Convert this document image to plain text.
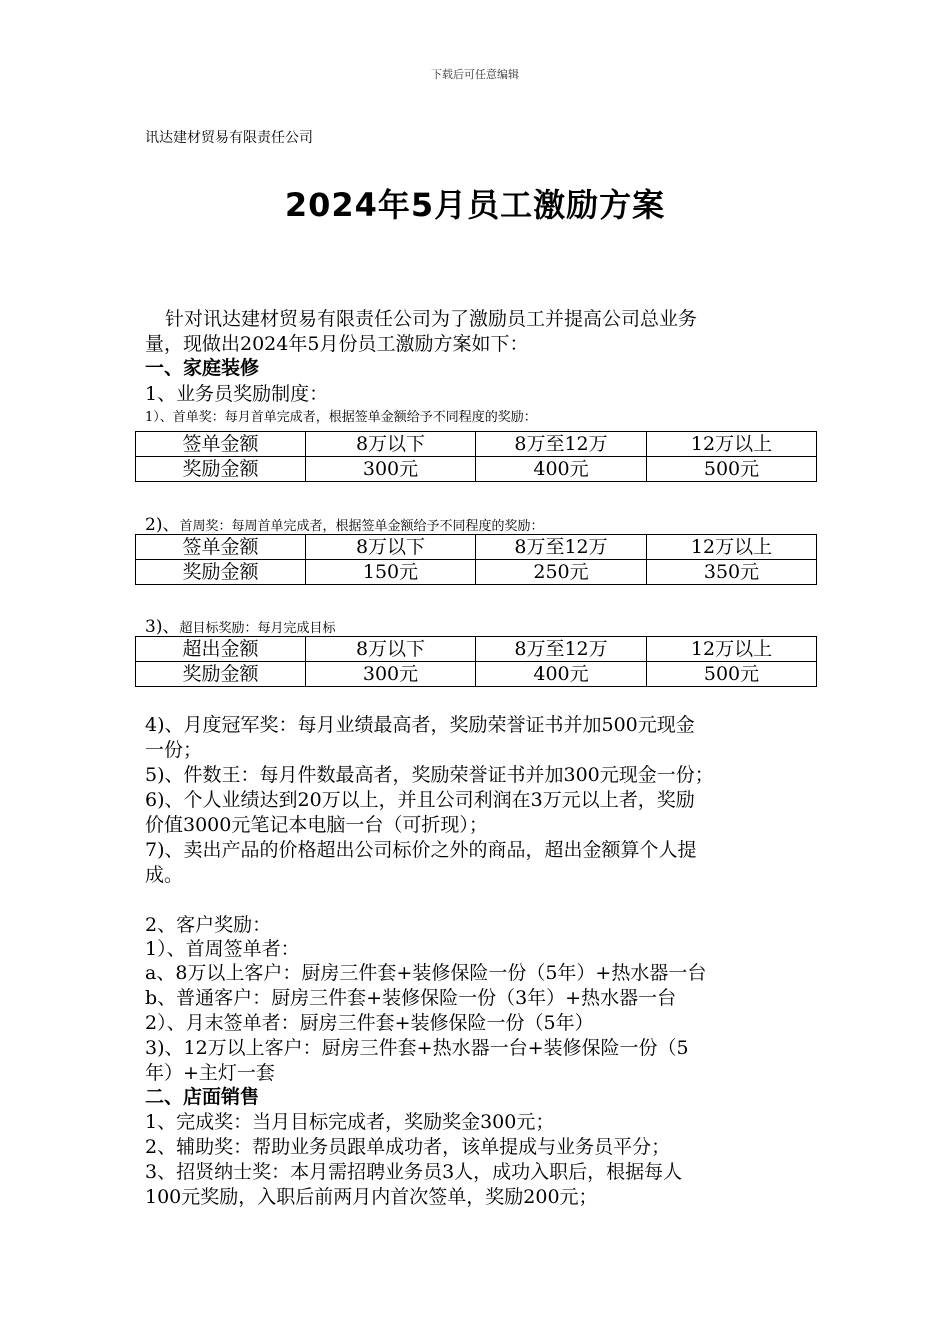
下载后可任意编辑
讯达建材贸易有限责任公司
2024年5月员工激励方案
针对讯达建材贸易有限责任公司为了激励员工并提高公司总业务
量，现做出2024年5月份员工激励方案如下：
一、家庭装修
1、业务员奖励制度：
1）、首单奖：每月首单完成者，根据签单金额给予不同程度的奖励：
签单金额	8万以下	8万至12万	12万以上
奖励金额	300元	400元	500元
2)、首周奖：每周首单完成者，根据签单金额给予不同程度的奖励：
签单金额	8万以下	8万至12万	12万以上
奖励金额	150元	250元	350元
3)、超目标奖励：每月完成目标
超出金额	8万以下	8万至12万	12万以上
奖励金额	300元	400元	500元
4)、月度冠军奖：每月业绩最高者，奖励荣誉证书并加500元现金
一份；
5)、件数王：每月件数最高者，奖励荣誉证书并加300元现金一份；
6)、个人业绩达到20万以上，并且公司利润在3万元以上者，奖励
价值3000元笔记本电脑一台（可折现）；
7)、卖出产品的价格超出公司标价之外的商品，超出金额算个人提
成。
2、客户奖励：
1）、首周签单者：
a、8万以上客户：厨房三件套+装修保险一份（5年）+热水器一台
b、普通客户：厨房三件套+装修保险一份（3年）+热水器一台
2）、月末签单者：厨房三件套+装修保险一份（5年）
3)、12万以上客户：厨房三件套+热水器一台+装修保险一份（5
年）+主灯一套
二、店面销售
1、完成奖：当月目标完成者，奖励奖金300元；
2、辅助奖：帮助业务员跟单成功者，该单提成与业务员平分；
3、招贤纳士奖：本月需招聘业务员3人，成功入职后，根据每人
100元奖励，入职后前两月内首次签单，奖励200元；
